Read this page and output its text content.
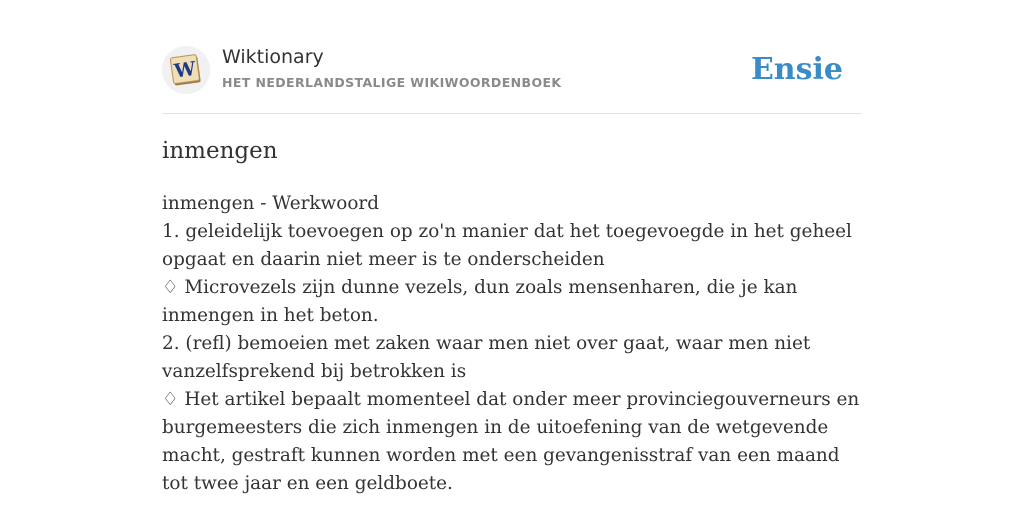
W
Wiktionary
HET NEDERLANDSTALIGE WIKIWOORDENBOEK	Ensie
inmengen

inmengen - Werkwoord

1. geleidelijk toevoegen op zo'n manier dat het toegevoegde in het geheel opgaat en daarin niet meer is te onderscheiden

♢ Microvezels zijn dunne vezels, dun zoals mensenharen, die je kan inmengen in het beton.

2. (refl) bemoeien met zaken waar men niet over gaat, waar men niet vanzelfsprekend bij betrokken is

♢ Het artikel bepaalt momenteel dat onder meer provinciegouverneurs en burgemeesters die zich inmengen in de uitoefening van de wetgevende macht, gestraft kunnen worden met een gevangenisstraf van een maand tot twee jaar en een geldboete.
